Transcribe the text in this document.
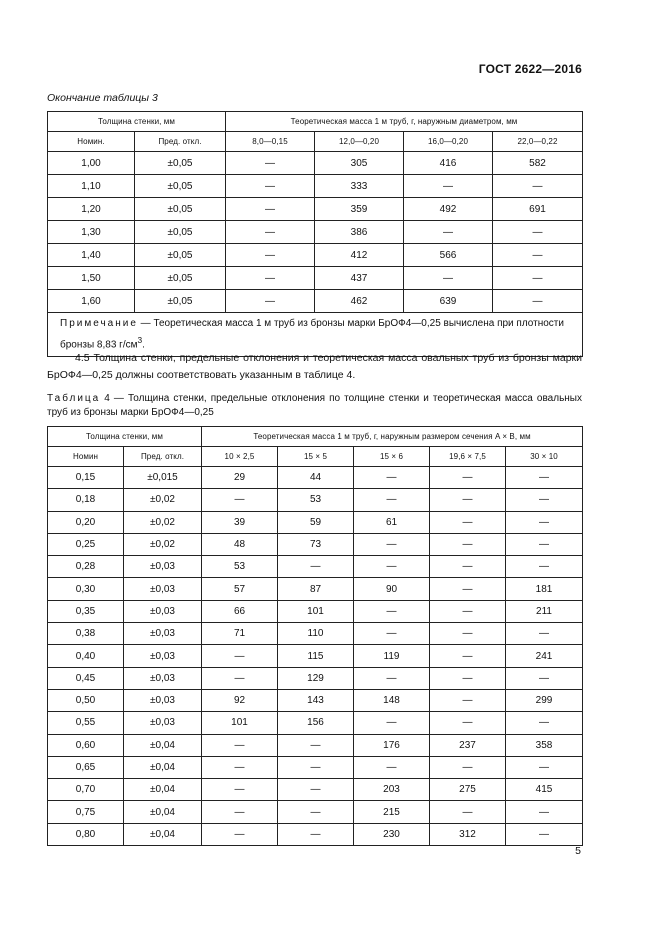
ГОСТ 2622—2016
Окончание таблицы 3
Толщина стенки, мм		Теоретическая масса 1 м труб, г, наружным диаметром, мм			
Номин.	Пред. откл.	8,0—0,15	12,0—0,20	16,0—0,20	22,0—0,22
1,00	±0,05	—	305	416	582
1,10	±0,05	—	333	—	—
1,20	±0,05	—	359	492	691
1,30	±0,05	—	386	—	—
1,40	±0,05	—	412	566	—
1,50	±0,05	—	437	—	—
1,60	±0,05	—	462	639	—
Примечание — Теоретическая масса 1 м труб из бронзы марки БрОФ4—0,25 вычислена при плотности бронзы 8,83 $г/см^3$.					
4.5 Толщина стенки, предельные отклонения и теоретическая масса овальных труб из бронзы марки БрОФ4—0,25 должны соответствовать указанным в таблице 4.
Таблица 4 — Толщина стенки, предельные отклонения по толщине стенки и теоретическая масса овальных труб из бронзы марки БрОФ4—0,25
Толщина стенки, мм		Теоретическая масса 1 м труб, г, наружным размером сечения A × B, мм				
Номин	Пред. откл.	10 × 2,5	15 × 5	15 × 6	19,6 × 7,5	30 × 10
0,15	±0,015	29	44	—	—	—
0,18	±0,02	—	53	—	—	—
0,20	±0,02	39	59	61	—	—
0,25	±0,02	48	73	—	—	—
0,28	±0,03	53	—	—	—	—
0,30	±0,03	57	87	90	—	181
0,35	±0,03	66	101	—	—	211
0,38	±0,03	71	110	—	—	—
0,40	±0,03	—	115	119	—	241
0,45	±0,03	—	129	—	—	—
0,50	±0,03	92	143	148	—	299
0,55	±0,03	101	156	—	—	—
0,60	±0,04	—	—	176	237	358
0,65	±0,04	—	—	—	—	—
0,70	±0,04	—	—	203	275	415
0,75	±0,04	—	—	215	—	—
0,80	±0,04	—	—	230	312	—
5
